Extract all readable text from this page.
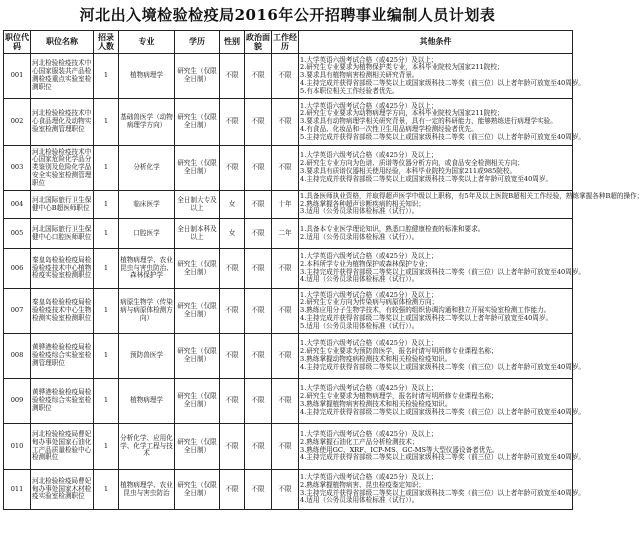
河北出入境检验检疫局2016年公开招聘事业编制人员计划表
职位代码	职位名称	招录人数	专业	学历	性别	政治面貌	工作经历	其他条件
001	河北检验检疫技术中心国家服装共产品检测检疫重点实验室检测职位	1	植物病理学	研究生（仅限全日制）	不限	不限	不限	1.大学英语六级考试合格（或425分）及以上；
2.研究生专业要求为植物保护类专业，本科毕业院校为国家211院校；
3.要求具有植物病害检测相关研究背景。
4.主持完成并获得省部级二等奖以上或国家级科技二等奖（前三位）以上者年龄可放宽至40周岁。
5.有本职位相关工作经验者优先。

002	河北检验检疫技术中心食品理化及动物实验室检测管理职位	1	基础兽医学（动物病理学方向）	研究生（仅限全日制）	不限	不限	不限	1.大学英语六级考试合格（或425分）及以上；
2.研究生专业要求为动物病理学方向，本科毕业院校为国家211院校；
3.要求具有动物病理学相关研究背景，具有一定的科研能力，能够熟练进行病理学实验。
4.有食品、化妆品和一次性卫生用品病理学检测经验者优先。
5.主持完成并获得省部级二等奖以上或国家级科技二等奖（前三位）以上者年龄可放宽至40周岁。

003	河北检验检疫技术中心国家危险化学品分类鉴别及危险化学品安全实验室检测管理职位	1	分析化学	研究生（仅限全日制）	不限	不限	不限	1.大学英语六级考试合格（或425分）及以上；
2.研究生专业方向为色谱、质谱等仪器分析方向，或食品安全检测相关方向；
3.要求具有质谱仪器相关使用经验，本科毕业院校为国家211或985院校。
4.主持完成并获得省部级二等奖以上或国家级科技二等奖以上者年龄可放宽至40周岁。

004	河北国际旅行卫生保健中心B超医师职位	1	临床医学	全日制大专及以上	女	不限	十年	1.具备医师执业资格，并取得超声医学中级以上职称，有5年及以上医院B超相关工作经验，熟练掌握各种B超的操作；
2.熟练掌握各种超声诊断疾病的相关知识；
3.适用（公务员录用体检标准（试行））。

005	河北国际旅行卫生保健中心口腔医师职位	1	口腔医学	全日制本科及以上	女	不限	二年	1.具备本专业医学理论知识，熟悉口腔健康检查的标准和要求。
2.适用（公务员录用体检标准（试行））。

006	秦皇岛检验检疫局检验检疫技术中心植物检疫实验室检测职位	1	植物病理学、农业昆虫与害虫防治、森林保护学	研究生（仅限全日制）	不限	不限	不限	1.大学英语六级考试合格（或425分）及以上；
2.本科所学专业为植物保护或森林保护专业；
3.主持完成并获得省部级二等奖以上或国家级科技二等奖（前三位）以上者年龄可放宽至40周岁。
4.适用（公务员录用体检标准（试行））。

007	秦皇岛检验检疫局检验检疫技术中心生物检测实验室检测职位	1	病原生物学（传染病与病原体检测方向）	研究生（仅限全日制）	不限	不限	不限	1.大学英语六级考试合格（或425分）及以上；
2.研究生专业方向为传染病与病原体检测方向；
3.熟练应用分子生物学技术，有较强的组织协调沟通和独立开展实验室检测工作能力。
4.主持完成并获得省部级二等奖以上或国家级科技二等奖以上者年龄可放宽至40周岁。
5.适用（公务员录用体检标准（试行））。

008	黄骅港检验检疫局检验检疫综合实验室检测管理职位	1	预防兽医学	研究生（仅限全日制）	不限	不限	不限	1.大学英语六级考试合格（或425分）及以上；
2.研究生专业要求为预防兽医学，报名时请写明所修专业课程名称；
3.熟练掌握动物疫病检测技术和相关检验检疫知识。
4.主持完成并获得省部级二等奖以上或国家级科技二等奖（前三位）以上者年龄可放宽至40周岁。

009	黄骅港检验检疫局检验检疫综合实验室检测职位	1	植物病理学	研究生（仅限全日制）	不限	不限	不限	1.大学英语六级考试合格（或425分）及以上；
2.研究生专业要求为植物病理学，报名时请写明所修专业课程名称；
3.熟练掌握植物病害检测技术和相关检验检疫知识。
4.主持完成并获得省部级二等奖以上或国家级科技二等奖（前三位）以上者年龄可放宽至40周岁。

010	河北检验检疫局曹妃甸办事处国家石油化工产品质量检验中心检测职位	1	分析化学、应用化学、化学工程与技术	研究生（仅限全日制）	不限	不限	不限	1.大学英语六级考试合格（或425分）及以上；
2.熟练掌握石油化工产品分析检测技术；
3.熟练使用GC、XRF、ICP-MS、GC-MS等大型仪器设备者优先。
4.主持完成并获得省部级二等奖以上或国家级科技二等奖（前三位）以上者年龄可放宽至40周岁。

011	河北检验检疫局曹妃甸办事处国家木材检疫实验室检测职位	1	植物病理学、农业昆虫与害虫防治	研究生（仅限全日制）	不限	不限	不限	1.大学英语六级考试合格（或425分）及以上；
2.熟练掌握植物病害、昆虫检疫鉴定知识；
3.主持完成并获得省部级二等奖以上或国家级科技二等奖（前三位）以上者年龄可放宽至40周岁。
4.适用（公务员录用体检标准（试行））。
